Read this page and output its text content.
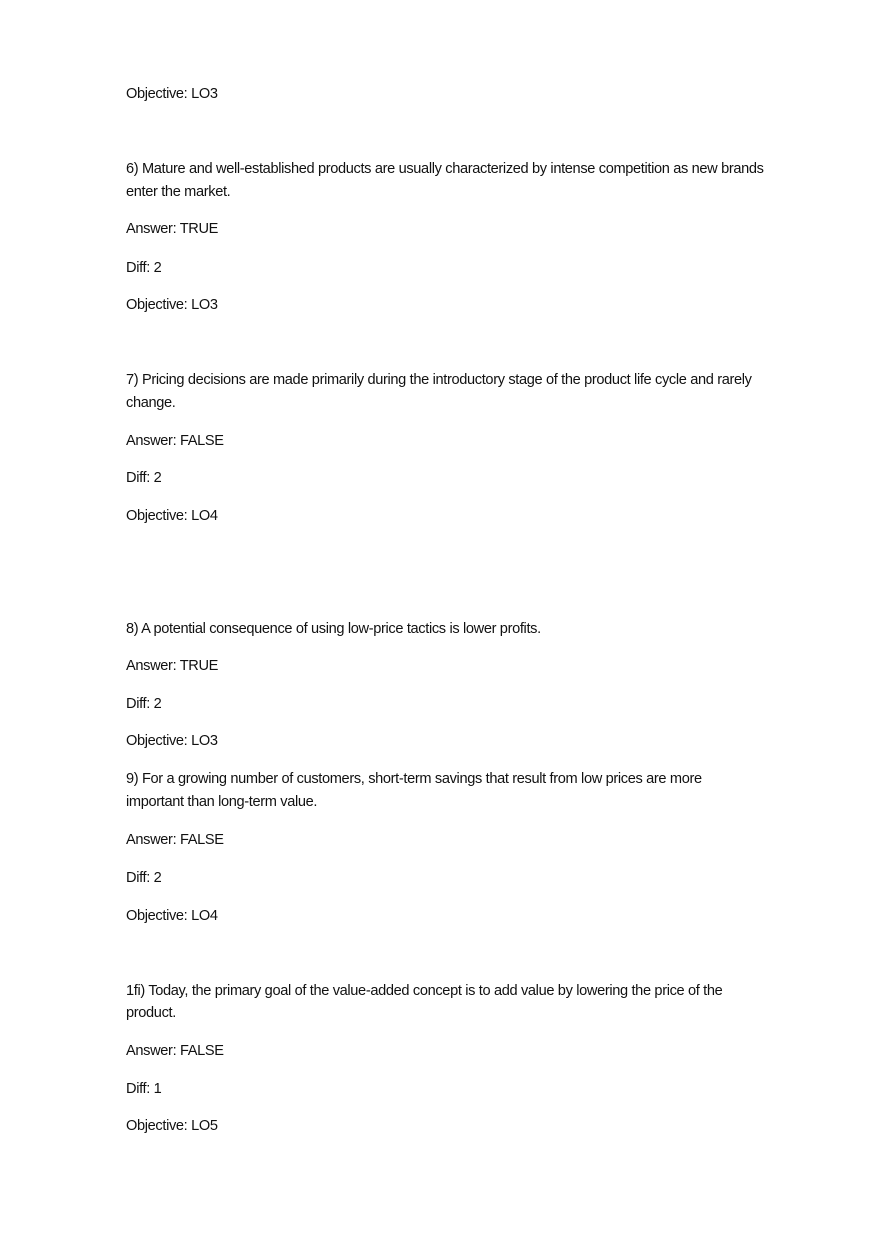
Objective: LO3
6) Mature and well-established products are usually characterized by intense competition as new brands
enter the market.
Answer: TRUE
Diff: 2
Objective: LO3
7) Pricing decisions are made primarily during the introductory stage of the product life cycle and rarely
change.
Answer: FALSE
Diff: 2
Objective: LO4
8) A potential consequence of using low-price tactics is lower profits.
Answer: TRUE
Diff: 2
Objective: LO3
9) For a growing number of customers, short-term savings that result from low prices are more
important than long-term value.
Answer: FALSE
Diff: 2
Objective: LO4
1fi) Today, the primary goal of the value-added concept is to add value by lowering the price of the
product.
Answer: FALSE
Diff: 1
Objective: LO5
